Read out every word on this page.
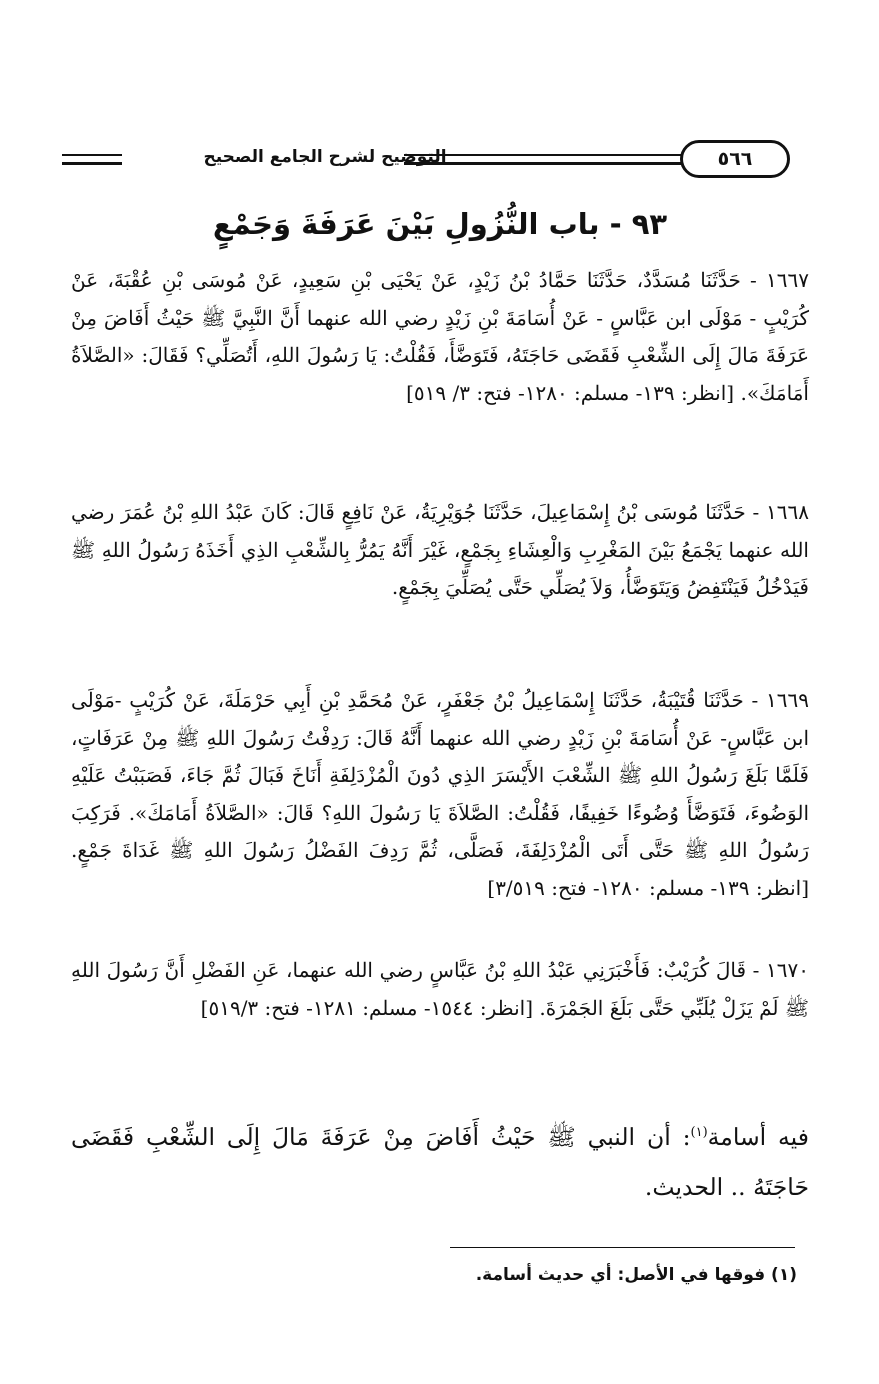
التوضيح لشرح الجامع الصحيح	٥٦٦
٩٣ - باب النُّزُولِ بَيْنَ عَرَفَةَ وَجَمْعٍ

١٦٦٧ - حَدَّثَنَا مُسَدَّدٌ، حَدَّثَنَا حَمَّادُ بْنُ زَيْدٍ، عَنْ يَحْيَى بْنِ سَعِيدٍ، عَنْ مُوسَى بْنِ عُقْبَةَ، عَنْ كُرَيْبٍ - مَوْلَى ابن عَبَّاسٍ - عَنْ أُسَامَةَ بْنِ زَيْدٍ رضي الله عنهما أَنَّ النَّبِيَّ ﷺ حَيْثُ أَفَاضَ مِنْ عَرَفَةَ مَالَ إِلَى الشِّعْبِ فَقَضَى حَاجَتَهُ، فَتَوَضَّأَ، فَقُلْتُ: يَا رَسُولَ اللهِ، أَتُصَلِّي؟ فَقَالَ: «الصَّلاَةُ أَمَامَكَ». [انظر: ١٣٩- مسلم: ١٢٨٠- فتح: ٣/ ٥١٩]

١٦٦٨ - حَدَّثَنَا مُوسَى بْنُ إِسْمَاعِيلَ، حَدَّثَنَا جُوَيْرِيَةُ، عَنْ نَافِعٍ قَالَ: كَانَ عَبْدُ اللهِ بْنُ عُمَرَ رضي الله عنهما يَجْمَعُ بَيْنَ المَغْرِبِ وَالْعِشَاءِ بِجَمْعٍ، غَيْرَ أَنَّهُ يَمُرُّ بِالشِّعْبِ الذِي أَخَذَهُ رَسُولُ اللهِ ﷺ فَيَدْخُلُ فَيَنْتَفِضُ وَيَتَوَضَّأُ، وَلاَ يُصَلِّي حَتَّى يُصَلِّيَ بِجَمْعٍ.

١٦٦٩ - حَدَّثَنَا قُتَيْبَةُ، حَدَّثَنَا إِسْمَاعِيلُ بْنُ جَعْفَرٍ، عَنْ مُحَمَّدِ بْنِ أَبِي حَرْمَلَةَ، عَنْ كُرَيْبٍ -مَوْلَى ابن عَبَّاسٍ- عَنْ أُسَامَةَ بْنِ زَيْدٍ رضي الله عنهما أَنَّهُ قَالَ: رَدِفْتُ رَسُولَ اللهِ ﷺ مِنْ عَرَفَاتٍ، فَلَمَّا بَلَغَ رَسُولُ اللهِ ﷺ الشِّعْبَ الأَيْسَرَ الذِي دُونَ الْمُزْدَلِفَةِ أَنَاخَ فَبَالَ ثُمَّ جَاءَ، فَصَبَبْتُ عَلَيْهِ الوَضُوءَ، فَتَوَضَّأَ وُضُوءًا خَفِيفًا، فَقُلْتُ: الصَّلاَةَ يَا رَسُولَ اللهِ؟ قَالَ: «الصَّلاَةُ أَمَامَكَ». فَرَكِبَ رَسُولُ اللهِ ﷺ حَتَّى أَتَى الْمُزْدَلِفَةَ، فَصَلَّى، ثُمَّ رَدِفَ الفَضْلُ رَسُولَ اللهِ ﷺ غَدَاةَ جَمْعٍ. [انظر: ١٣٩- مسلم: ١٢٨٠- فتح: ٣/٥١٩]

١٦٧٠ - قَالَ كُرَيْبٌ: فَأَخْبَرَنِي عَبْدُ اللهِ بْنُ عَبَّاسٍ رضي الله عنهما، عَنِ الفَضْلِ أَنَّ رَسُولَ اللهِ ﷺ لَمْ يَزَلْ يُلَبِّي حَتَّى بَلَغَ الجَمْرَةَ. [انظر: ١٥٤٤- مسلم: ١٢٨١- فتح: ٥١٩/٣]

فيه أسامة$^{(١)}$: أن النبي ﷺ حَيْثُ أَفَاضَ مِنْ عَرَفَةَ مَالَ إِلَى الشِّعْبِ فَقَضَى حَاجَتَهُ .. الحديث.
(١) فوقها في الأصل: أي حديث أسامة.
